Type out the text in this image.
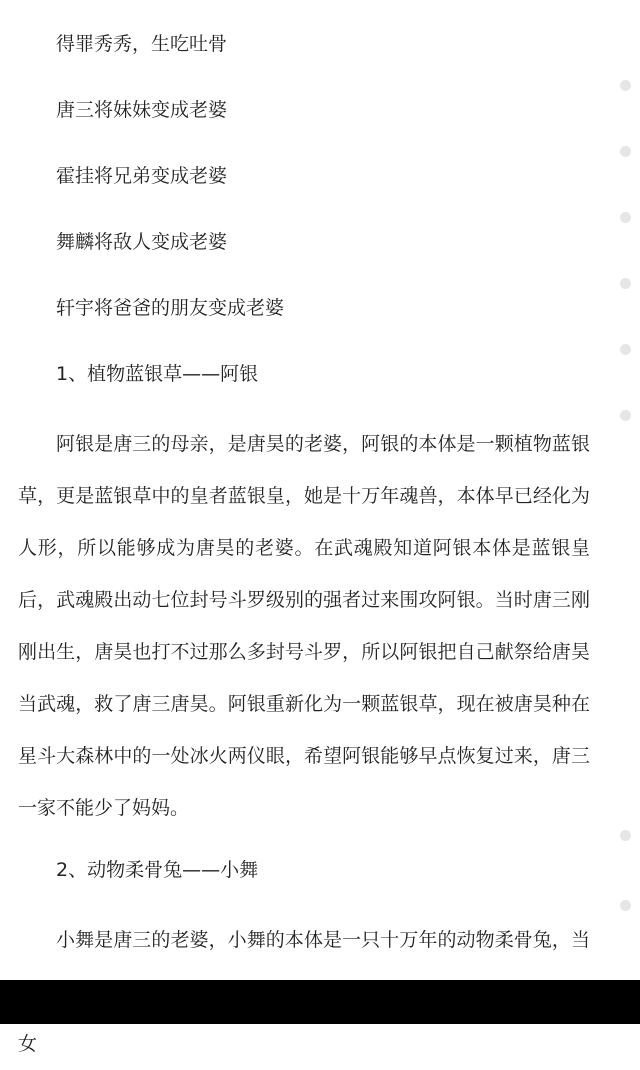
得罪秀秀，生吃吐骨

唐三将妹妹变成老婆

霍挂将兄弟变成老婆

舞麟将敌人变成老婆

轩宇将爸爸的朋友变成老婆

1、植物蓝银草——阿银

阿银是唐三的母亲，是唐昊的老婆，阿银的本体是一颗植物蓝银草，更是蓝银草中的皇者蓝银皇，她是十万年魂兽，本体早已经化为人形，所以能够成为唐昊的老婆。在武魂殿知道阿银本体是蓝银皇后，武魂殿出动七位封号斗罗级别的强者过来围攻阿银。当时唐三刚刚出生，唐昊也打不过那么多封号斗罗，所以阿银把自己献祭给唐昊当武魂，救了唐三唐昊。阿银重新化为一颗蓝银草，现在被唐昊种在星斗大森林中的一处冰火两仪眼，希望阿银能够早点恢复过来，唐三一家不能少了妈妈。

2、动物柔骨兔——小舞

小舞是唐三的老婆，小舞的本体是一只十万年的动物柔骨兔，当 女
